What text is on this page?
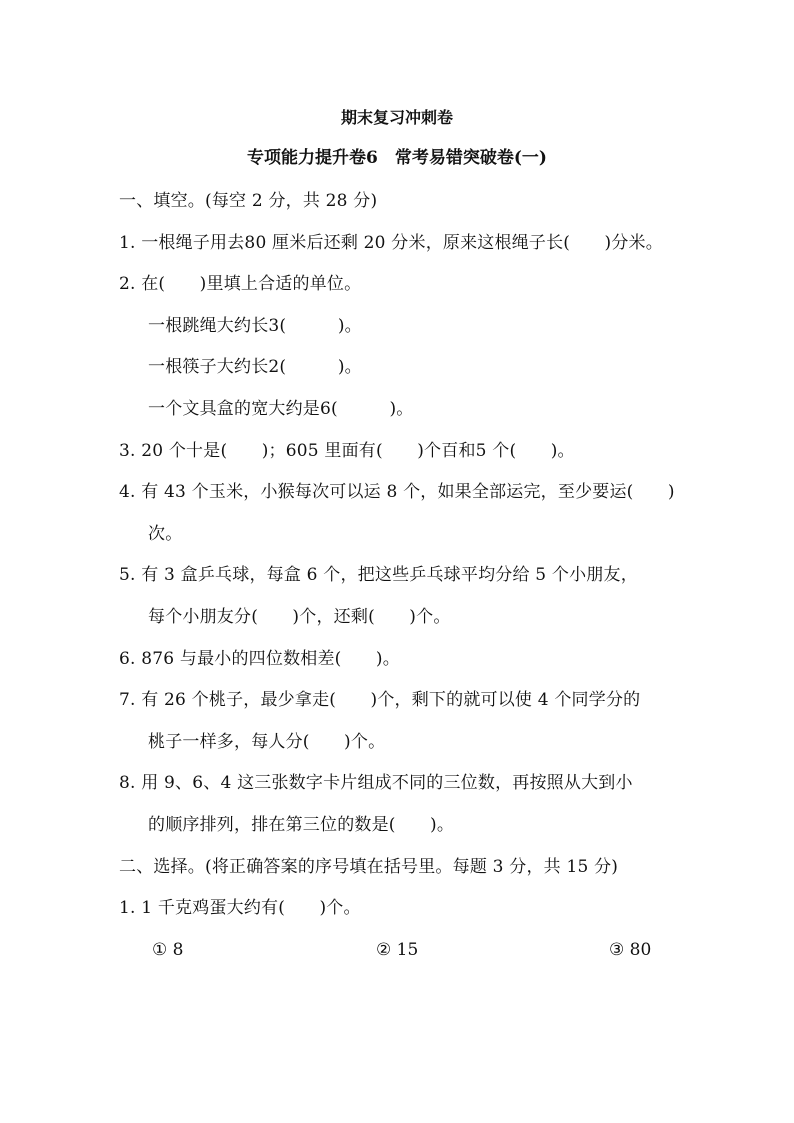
期末复习冲刺卷
专项能力提升卷6　常考易错突破卷(一)
一、填空。(每空 2 分，共 28 分)
1. 一根绳子用去80 厘米后还剩 20 分米，原来这根绳子长(　　)分米。
2. 在(　　)里填上合适的单位。
一根跳绳大约长3(　　　)。
一根筷子大约长2(　　　)。
一个文具盒的宽大约是6(　　　)。
3. 20 个十是(　　)；605 里面有(　　)个百和5 个(　　)。
4. 有 43 个玉米，小猴每次可以运 8 个，如果全部运完，至少要运(　　)
次。
5. 有 3 盒乒乓球，每盒 6 个，把这些乒乓球平均分给 5 个小朋友，
每个小朋友分(　　)个，还剩(　　)个。
6. 876 与最小的四位数相差(　　)。
7. 有 26 个桃子，最少拿走(　　)个，剩下的就可以使 4 个同学分的
桃子一样多，每人分(　　)个。
8. 用 9、6、4 这三张数字卡片组成不同的三位数，再按照从大到小
的顺序排列，排在第三位的数是(　　)。
二、选择。(将正确答案的序号填在括号里。每题 3 分，共 15 分)
1. 1 千克鸡蛋大约有(　　)个。
① 8	② 15	③ 80
